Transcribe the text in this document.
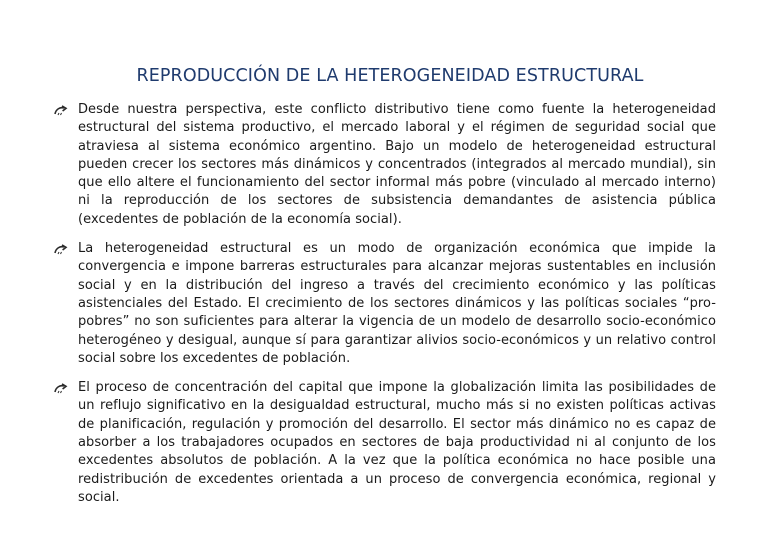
REPRODUCCIÓN DE LA HETEROGENEIDAD ESTRUCTURAL
Desde nuestra perspectiva, este conflicto distributivo tiene como fuente la heterogeneidad estructural del sistema productivo, el mercado laboral y el régimen de seguridad social que atraviesa al sistema económico argentino. Bajo un modelo de heterogeneidad estructural pueden crecer los sectores más dinámicos y concentrados (integrados al mercado mundial), sin que ello altere el funcionamiento del sector informal más pobre (vinculado al mercado interno) ni la reproducción de los sectores de subsistencia demandantes de asistencia pública (excedentes de población de la economía social).
La heterogeneidad estructural es un modo de organización económica que impide la convergencia e impone barreras estructurales para alcanzar mejoras sustentables en inclusión social y en la distribución del ingreso a través del crecimiento económico y las políticas asistenciales del Estado. El crecimiento de los sectores dinámicos y las políticas sociales “pro-pobres” no son suficientes para alterar la vigencia de un modelo de desarrollo socio-económico heterogéneo y desigual, aunque sí para garantizar alivios socio-económicos y un relativo control social sobre los excedentes de población.
El proceso de concentración del capital que impone la globalización limita las posibilidades de un reflujo significativo en la desigualdad estructural, mucho más si no existen políticas activas de planificación, regulación y promoción del desarrollo. El sector más dinámico no es capaz de absorber a los trabajadores ocupados en sectores de baja productividad ni al conjunto de los excedentes absolutos de población. A la vez que la política económica no hace posible una redistribución de excedentes orientada a un proceso de convergencia económica, regional y social.
